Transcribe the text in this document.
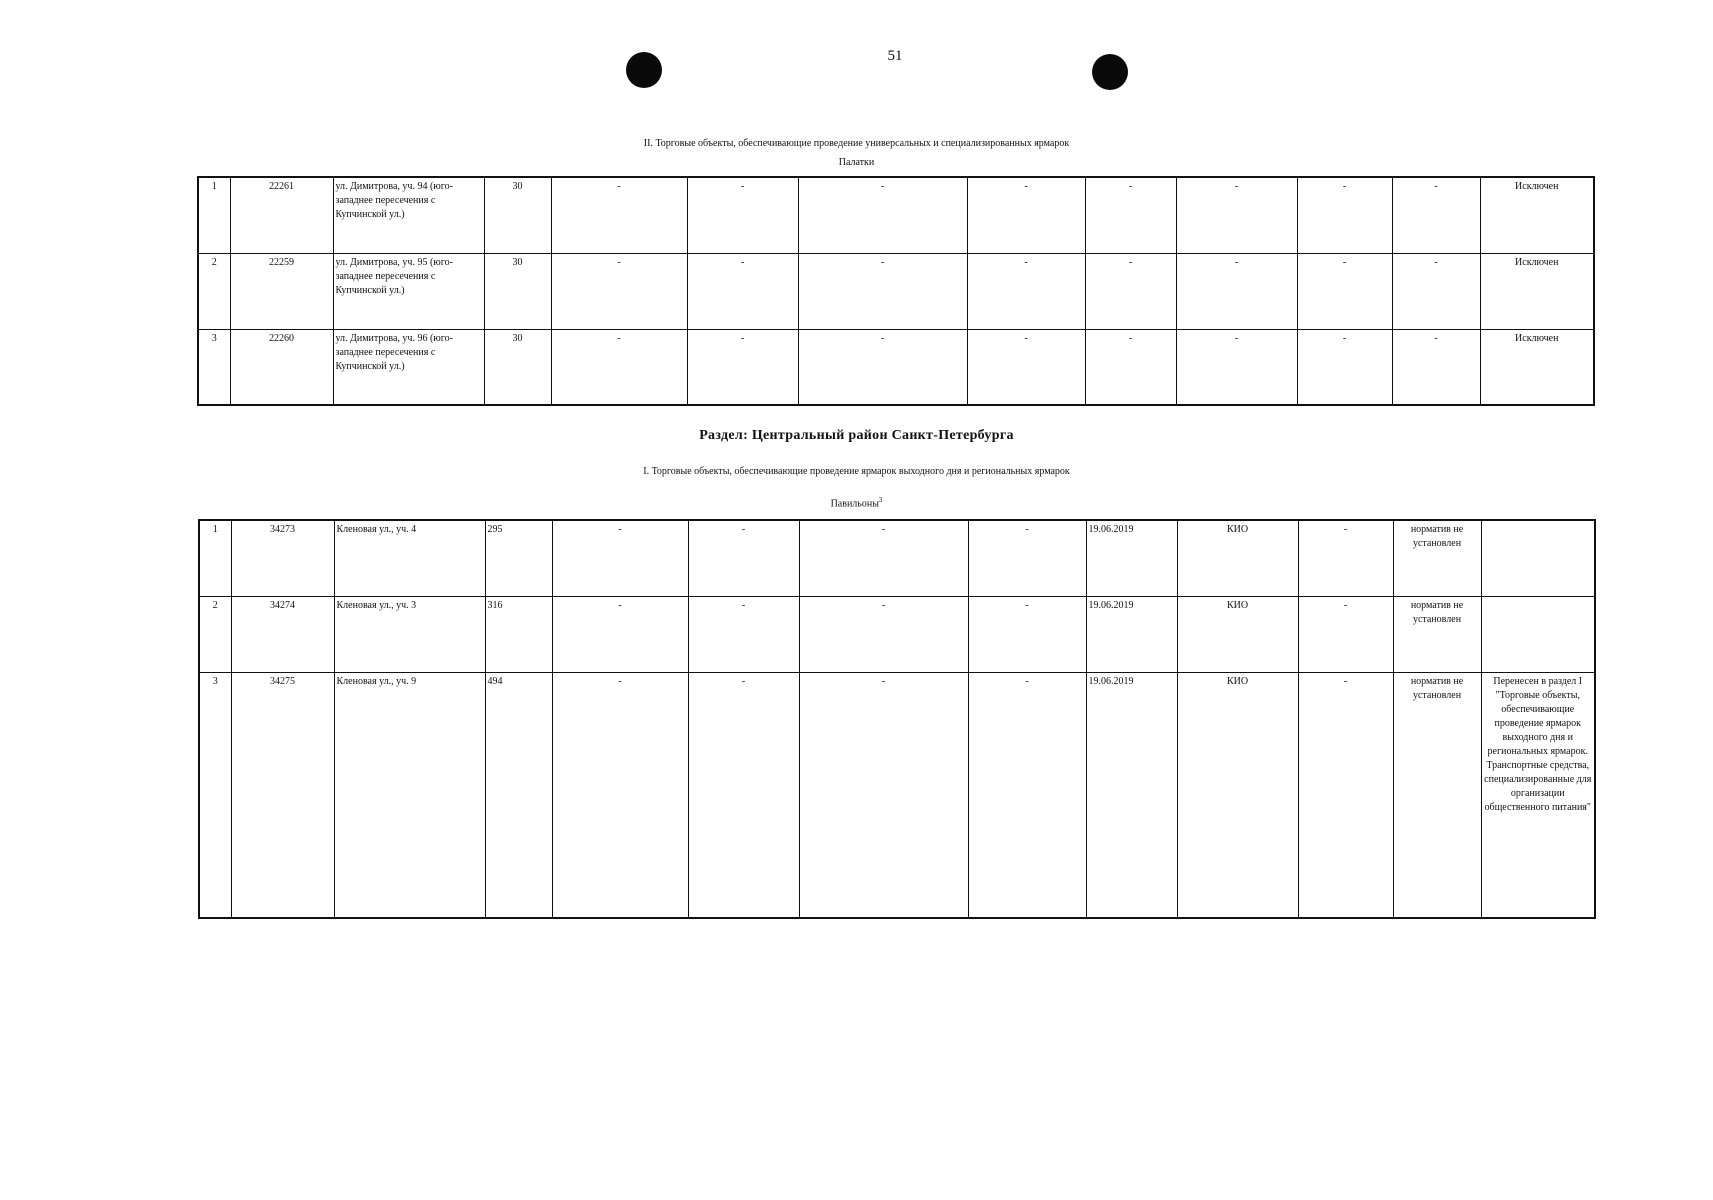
51
II. Торговые объекты, обеспечивающие проведение универсальных и специализированных ярмарок
Палатки
1	22261	ул. Димитрова, уч. 94 (юго-западнее пересечения с Купчинской ул.)	30	-	-	-	-	-	-	-	-	Исключен
2	22259	ул. Димитрова, уч. 95 (юго-западнее пересечения с Купчинской ул.)	30	-	-	-	-	-	-	-	-	Исключен
3	22260	ул. Димитрова, уч. 96 (юго-западнее пересечения с Купчинской ул.)	30	-	-	-	-	-	-	-	-	Исключен
Раздел: Центральный район Санкт-Петербурга
I. Торговые объекты, обеспечивающие проведение ярмарок выходного дня и региональных ярмарок
Павильоны$^3$
1	34273	Кленовая ул., уч. 4	295	-	-	-	-	19.06.2019	КИО	-	норматив не установлен	
2	34274	Кленовая ул., уч. 3	316	-	-	-	-	19.06.2019	КИО	-	норматив не установлен	
3	34275	Кленовая ул., уч. 9	494	-	-	-	-	19.06.2019	КИО	-	норматив не установлен	Перенесен в раздел I "Торговые объекты, обеспечивающие проведение ярмарок выходного дня и региональных ярмарок. Транспортные средства, специализированные для организации общественного питания"
